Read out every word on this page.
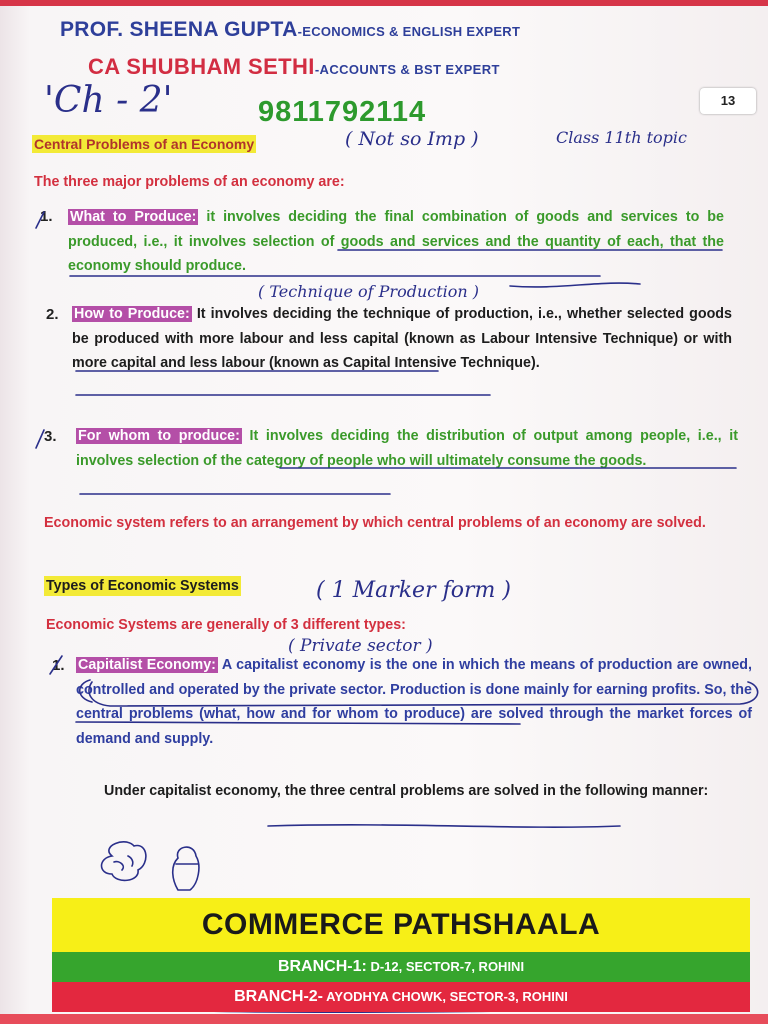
PROF. SHEENA GUPTA-ECONOMICS & ENGLISH EXPERT
CA SHUBHAM SETHI-ACCOUNTS & BST EXPERT
'Ch - 2'	9811792114	13
Central Problems of an Economy	( Not so Imp )	Class 11th topic
The three major problems of an economy are:
1. What to Produce: it involves deciding the final combination of goods and services to be produced, i.e., it involves selection of goods and services and the quantity of each, that the economy should produce.
( Technique of Production )
2. How to Produce: It involves deciding the technique of production, i.e., whether selected goods be produced with more labour and less capital (known as Labour Intensive Technique) or with more capital and less labour (known as Capital Intensive Technique).
3. For whom to produce: It involves deciding the distribution of output among people, i.e., it involves selection of the category of people who will ultimately consume the goods.
Economic system refers to an arrangement by which central problems of an economy are solved.
Types of Economic Systems	( 1 Marker form )
Economic Systems are generally of 3 different types:
( Private sector )
1. Capitalist Economy: A capitalist economy is the one in which the means of production are owned, controlled and operated by the private sector. Production is done mainly for earning profits. So, the central problems (what, how and for whom to produce) are solved through the market forces of demand and supply.
Under capitalist economy, the three central problems are solved in the following manner:
COMMERCE PATHSHAALA
BRANCH-1: D-12, SECTOR-7, ROHINI
BRANCH-2- AYODHYA CHOWK, SECTOR-3, ROHINI
